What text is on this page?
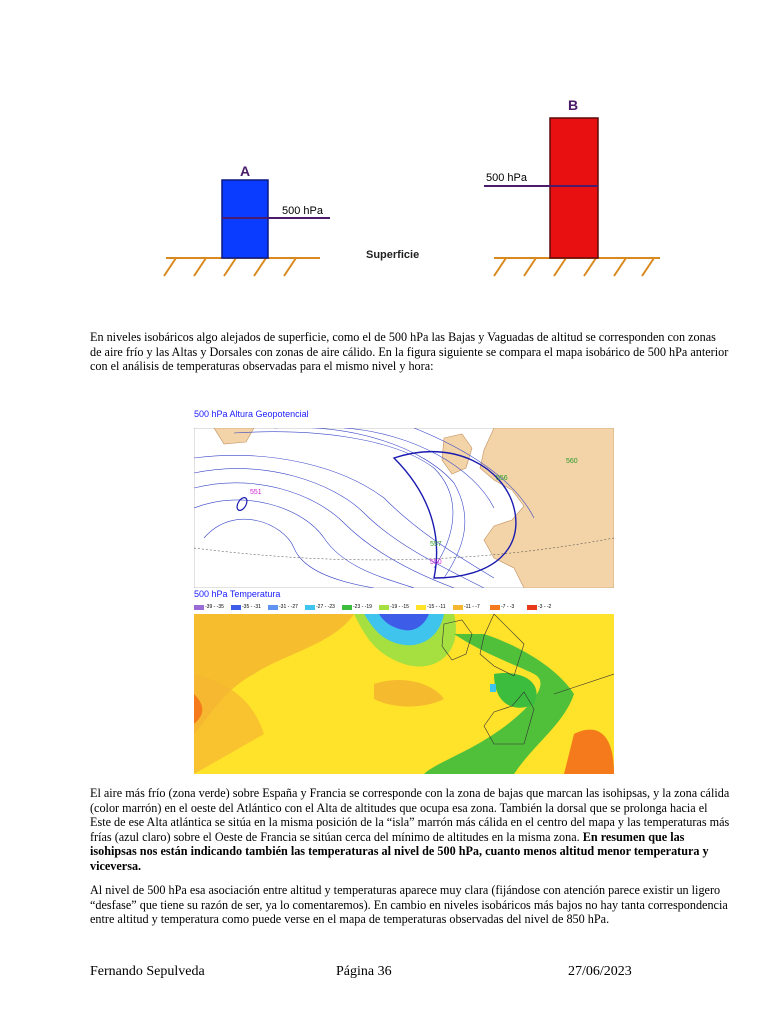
A
500 hPa
Superficie
B
500 hPa

En niveles isobáricos algo alejados de superficie, como el de 500 hPa las Bajas y Vaguadas de altitud se corresponden con zonas de aire frío y las Altas y Dorsales con zonas de aire cálido. En la figura siguiente se compara el mapa isobárico de 500 hPa anterior con el análisis de temperaturas observadas para el mismo nivel y hora:

500 hPa Altura Geopotencial
560
556
557
550
551
500 hPa Temperatura
-39 - -35	-35 - -31	-31 - -27	-27 - -23	-23 - -19	-19 - -15	-15 - -11	-11 - -7	-7 - -3	-3 - -2

El aire más frío (zona verde) sobre España y Francia se corresponde con la zona de bajas que marcan las isohipsas, y la zona cálida (color marrón) en el oeste del Atlántico con el Alta de altitudes que ocupa esa zona. También la dorsal que se prolonga hacia el Este de ese Alta atlántica se sitúa en la misma posición de la “isla” marrón más cálida en el centro del mapa y las temperaturas más frías (azul claro) sobre el Oeste de Francia se sitúan cerca del mínimo de altitudes en la misma zona. En resumen que las isohipsas nos están indicando también las temperaturas al nivel de 500 hPa, cuanto menos altitud menor temperatura y viceversa.

Al nivel de 500 hPa esa asociación entre altitud y temperaturas aparece muy clara (fijándose con atención parece existir un ligero “desfase” que tiene su razón de ser, ya lo comentaremos). En cambio en niveles isobáricos más bajos no hay tanta correspondencia entre altitud y temperatura como puede verse en el mapa de temperaturas observadas del nivel de 850 hPa.

Fernando Sepulveda	Página 36	27/06/2023
